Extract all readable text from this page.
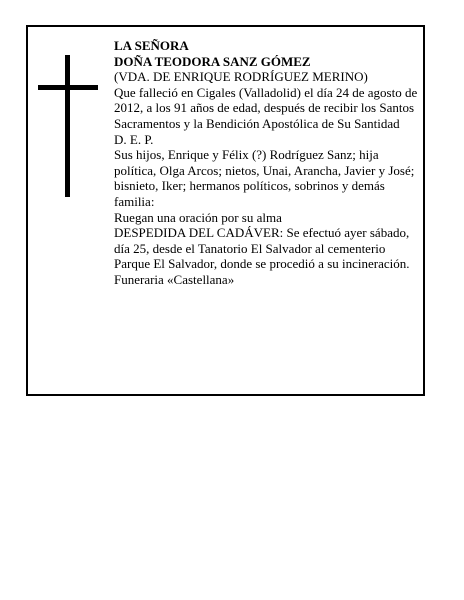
LA SEÑORA
DOÑA TEODORA SANZ GÓMEZ
(VDA. DE ENRIQUE RODRÍGUEZ MERINO)
Que falleció en Cigales (Valladolid) el día 24 de agosto de 2012, a los 91 años de edad, después de recibir los Santos Sacramentos y la Bendición Apostólica de Su Santidad
D. E. P.
Sus hijos, Enrique y Félix (?) Rodríguez Sanz; hija política, Olga Arcos; nietos, Unai, Arancha, Javier y José; bisnieto, Iker; hermanos políticos, sobrinos y demás familia:
Ruegan una oración por su alma
DESPEDIDA DEL CADÁVER: Se efectuó ayer sábado, día 25, desde el Tanatorio El Salvador al cementerio Parque El Salvador, donde se procedió a su incineración.
Funeraria «Castellana»
